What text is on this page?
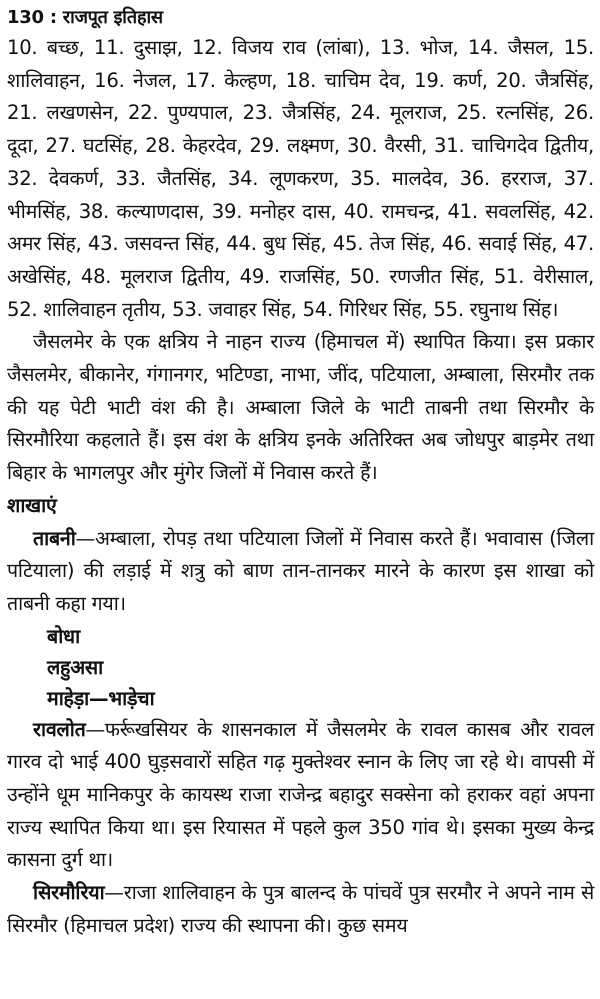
130 : राजपूत इतिहास

10. बच्छ, 11. दुसाझ, 12. विजय राव (लांबा), 13. भोज, 14. जैसल, 15. शालिवाहन, 16. नेजल, 17. केल्हण, 18. चाचिम देव, 19. कर्ण, 20. जैत्रसिंह, 21. लखणसेन, 22. पुण्यपाल, 23. जैत्रसिंह, 24. मूलराज, 25. रत्नसिंह, 26. दूदा, 27. घटसिंह, 28. केहरदेव, 29. लक्ष्मण, 30. वैरसी, 31. चाचिगदेव द्वितीय, 32. देवकर्ण, 33. जैतसिंह, 34. लूणकरण, 35. मालदेव, 36. हरराज, 37. भीमसिंह, 38. कल्याणदास, 39. मनोहर दास, 40. रामचन्द्र, 41. सवलसिंह, 42. अमर सिंह, 43. जसवन्त सिंह, 44. बुध सिंह, 45. तेज सिंह, 46. सवाई सिंह, 47. अखेसिंह, 48. मूलराज द्वितीय, 49. राजसिंह, 50. रणजीत सिंह, 51. वेरीसाल, 52. शालिवाहन तृतीय, 53. जवाहर सिंह, 54. गिरिधर सिंह, 55. रघुनाथ सिंह।

जैसलमेर के एक क्षत्रिय ने नाहन राज्य (हिमाचल में) स्थापित किया। इस प्रकार जैसलमेर, बीकानेर, गंगानगर, भटिण्डा, नाभा, जींद, पटियाला, अम्बाला, सिरमौर तक की यह पेटी भाटी वंश की है। अम्बाला जिले के भाटी ताबनी तथा सिरमौर के सिरमौरिया कहलाते हैं। इस वंश के क्षत्रिय इनके अतिरिक्त अब जोधपुर बाड़मेर तथा बिहार के भागलपुर और मुंगेर जिलों में निवास करते हैं।

शाखाएं

ताबनी—अम्बाला, रोपड़ तथा पटियाला जिलों में निवास करते हैं। भवावास (जिला पटियाला) की लड़ाई में शत्रु को बाण तान-तानकर मारने के कारण इस शाखा को ताबनी कहा गया।

बोधा

लहुअसा

माहेड़ा—भाड़ेचा

रावलोत—फर्रूखसियर के शासनकाल में जैसलमेर के रावल कासब और रावल गारव दो भाई 400 घुड़सवारों सहित गढ़ मुक्तेश्वर स्नान के लिए जा रहे थे। वापसी में उन्होंने धूम मानिकपुर के कायस्थ राजा राजेन्द्र बहादुर सक्सेना को हराकर वहां अपना राज्य स्थापित किया था। इस रियासत में पहले कुल 350 गांव थे। इसका मुख्य केन्द्र कासना दुर्ग था।

सिरमौरिया—राजा शालिवाहन के पुत्र बालन्द के पांचवें पुत्र सरमौर ने अपने नाम से सिरमौर (हिमाचल प्रदेश) राज्य की स्थापना की। कुछ समय
